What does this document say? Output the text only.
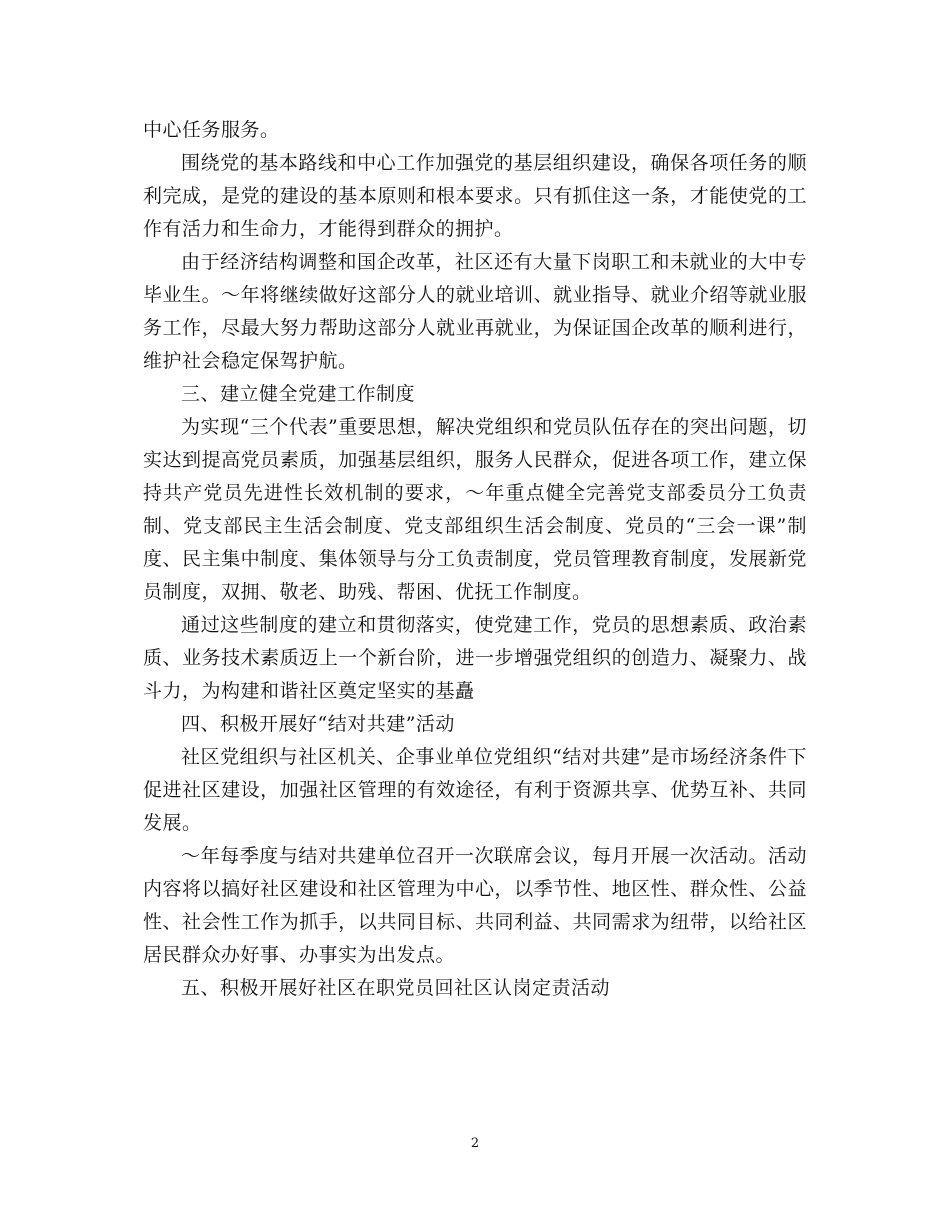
中心任务服务。

围绕党的基本路线和中心工作加强党的基层组织建设，确保各项任务的顺利完成，是党的建设的基本原则和根本要求。只有抓住这一条，才能使党的工作有活力和生命力，才能得到群众的拥护。

由于经济结构调整和国企改革，社区还有大量下岗职工和未就业的大中专毕业生。～年将继续做好这部分人的就业培训、就业指导、就业介绍等就业服务工作，尽最大努力帮助这部分人就业再就业，为保证国企改革的顺利进行，维护社会稳定保驾护航。

三、建立健全党建工作制度

为实现“三个代表”重要思想，解决党组织和党员队伍存在的突出问题，切实达到提高党员素质，加强基层组织，服务人民群众，促进各项工作，建立保持共产党员先进性长效机制的要求，～年重点健全完善党支部委员分工负责制、党支部民主生活会制度、党支部组织生活会制度、党员的“三会一课”制度、民主集中制度、集体领导与分工负责制度，党员管理教育制度，发展新党员制度，双拥、敬老、助残、帮困、优抚工作制度。

通过这些制度的建立和贯彻落实，使党建工作，党员的思想素质、政治素质、业务技术素质迈上一个新台阶，进一步增强党组织的创造力、凝聚力、战斗力，为构建和谐社区奠定坚实的基矗

四、积极开展好“结对共建”活动

社区党组织与社区机关、企事业单位党组织“结对共建”是市场经济条件下促进社区建设，加强社区管理的有效途径，有利于资源共享、优势互补、共同发展。

～年每季度与结对共建单位召开一次联席会议，每月开展一次活动。活动内容将以搞好社区建设和社区管理为中心，以季节性、地区性、群众性、公益性、社会性工作为抓手，以共同目标、共同利益、共同需求为纽带，以给社区居民群众办好事、办事实为出发点。

五、积极开展好社区在职党员回社区认岗定责活动

2
